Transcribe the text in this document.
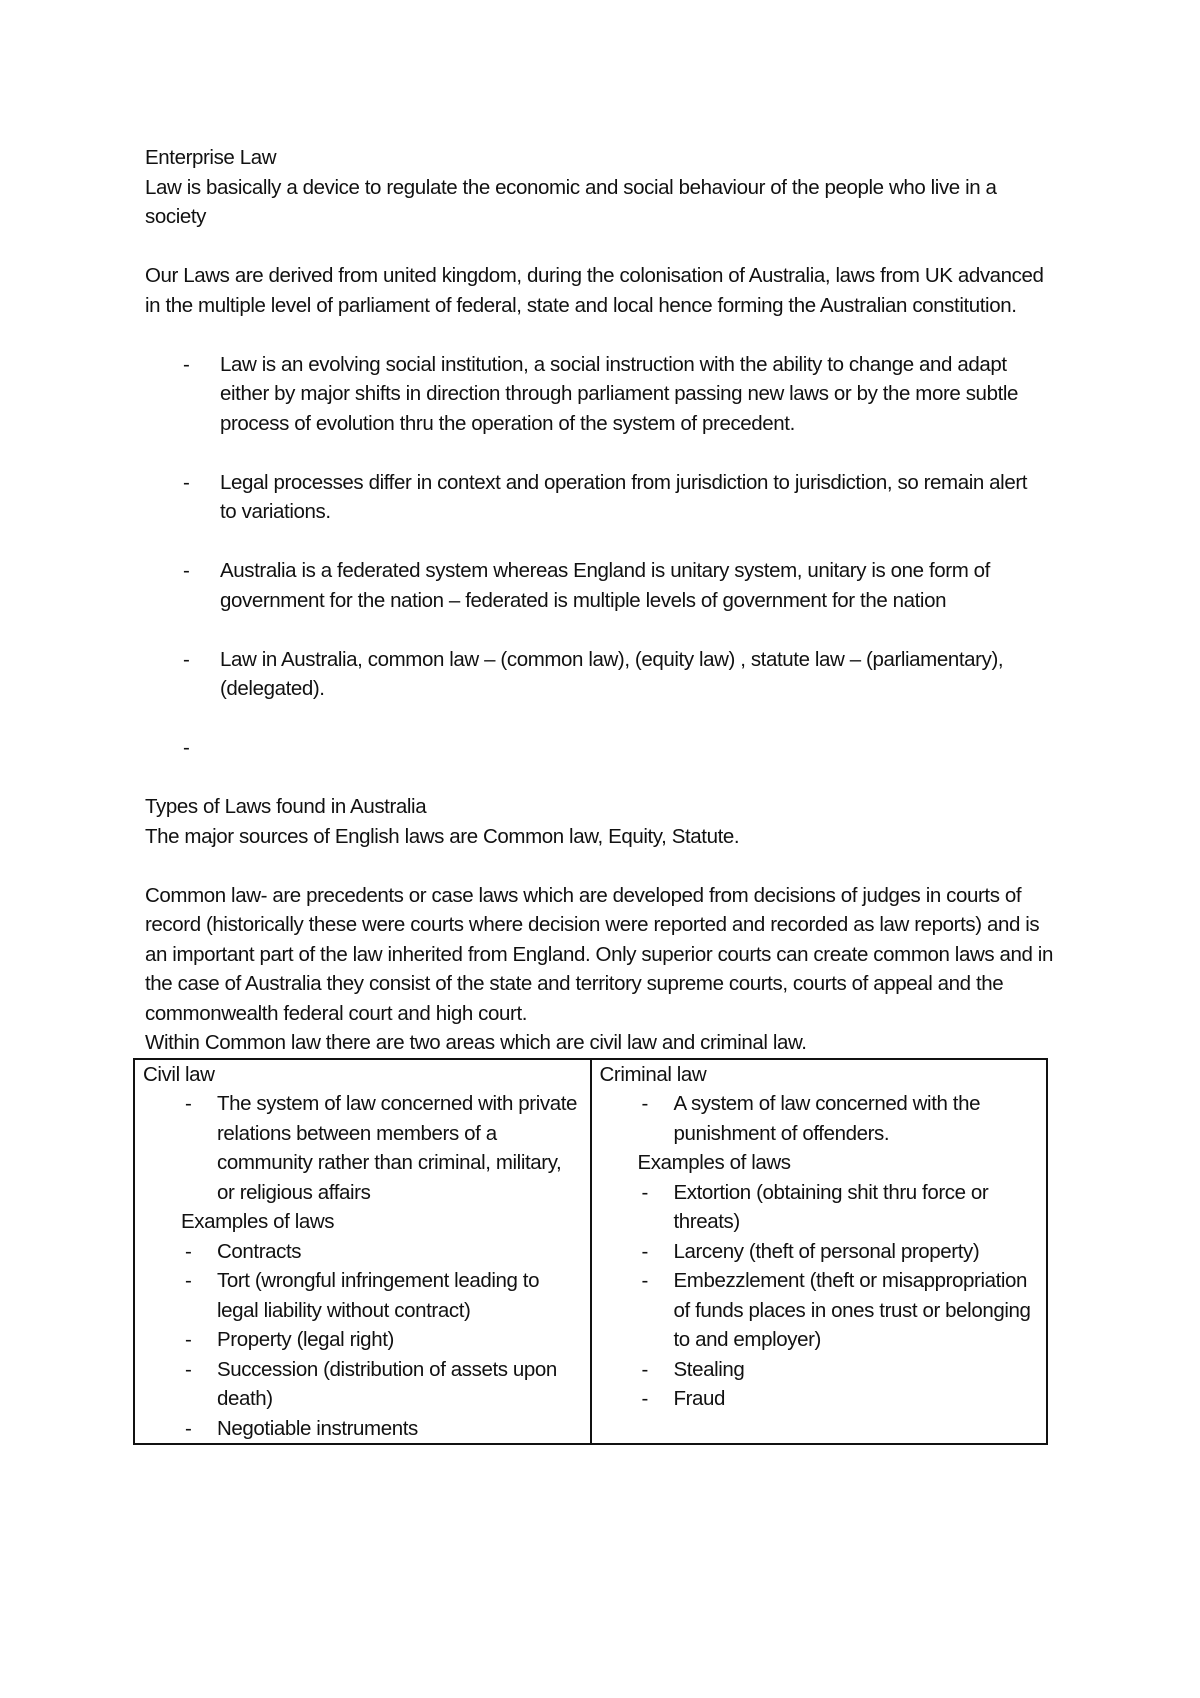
Enterprise Law

Law is basically a device to regulate the economic and social behaviour of the people who live in a society

Our Laws are derived from united kingdom, during the colonisation of Australia, laws from UK advanced in the multiple level of parliament of federal, state and local hence forming the Australian constitution.

- Law is an evolving social institution, a social instruction with the ability to change and adapt either by major shifts in direction through parliament passing new laws or by the more subtle process of evolution thru the operation of the system of precedent.

- Legal processes differ in context and operation from jurisdiction to jurisdiction, so remain alert to variations.

- Australia is a federated system whereas England is unitary system, unitary is one form of government for the nation – federated is multiple levels of government for the nation

- Law in Australia, common law – (common law), (equity law) , statute law – (parliamentary), (delegated).

-

Types of Laws found in Australia

The major sources of English laws are Common law, Equity, Statute.

Common law- are precedents or case laws which are developed from decisions of judges in courts of record (historically these were courts where decision were reported and recorded as law reports) and is an important part of the law inherited from England. Only superior courts can create common laws and in the case of Australia they consist of the state and territory supreme courts, courts of appeal and the commonwealth federal court and high court.

Within Common law there are two areas which are civil law and criminal law.

Civil law
- The system of law concerned with private relations between members of a community rather than criminal, military, or religious affairs
Examples of laws
- Contracts
- Tort (wrongful infringement leading to legal liability without contract)
- Property (legal right)
- Succession (distribution of assets upon death)
- Negotiable instruments
Criminal law
- A system of law concerned with the punishment of offenders.
Examples of laws
- Extortion (obtaining shit thru force or threats)
- Larceny (theft of personal property)
- Embezzlement (theft or misappropriation of funds places in ones trust or belonging to and employer)
- Stealing
- Fraud
